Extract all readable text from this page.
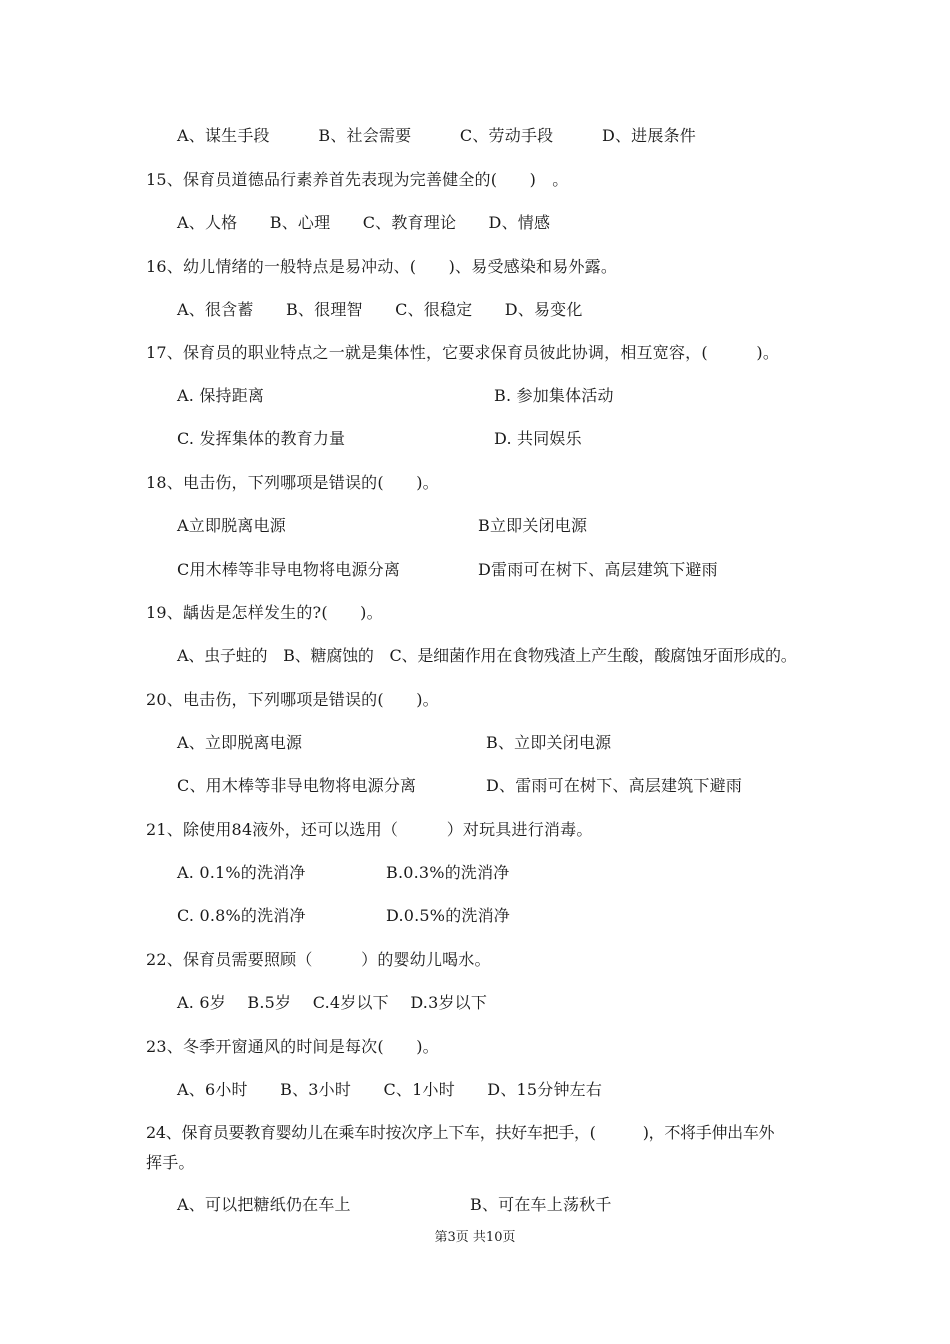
A、谋生手段　　　B、社会需要　　　C、劳动手段　　　D、进展条件
15、保育员道德品行素养首先表现为完善健全的(　　)　。
A、人格　　B、心理　　C、教育理论　　D、情感
16、幼儿情绪的一般特点是易冲动、(　　)、易受感染和易外露。
A、很含蓄　　B、很理智　　C、很稳定　　D、易变化
17、保育员的职业特点之一就是集体性，它要求保育员彼此协调，相互宽容，(　　　)。
A. 保持距离	B. 参加集体活动
C. 发挥集体的教育力量	D. 共同娱乐
18、电击伤，下列哪项是错误的(　　)。
A立即脱离电源	B立即关闭电源
C用木棒等非导电物将电源分离	D雷雨可在树下、高层建筑下避雨
19、龋齿是怎样发生的?(　　)。
A、虫子蛀的　B、糖腐蚀的　C、是细菌作用在食物残渣上产生酸，酸腐蚀牙面形成的。
20、电击伤，下列哪项是错误的(　　)。
A、立即脱离电源	B、立即关闭电源
C、用木棒等非导电物将电源分离	D、雷雨可在树下、高层建筑下避雨
21、除使用84液外，还可以选用（　　　）对玩具进行消毒。
A. 0.1%的洗消净	B.0.3%的洗消净
C. 0.8%的洗消净	D.0.5%的洗消净
22、保育员需要照顾（　　　）的婴幼儿喝水。
A. 6岁　 B.5岁　 C.4岁以下　 D.3岁以下
23、冬季开窗通风的时间是每次(　　)。
A、6小时　　B、3小时　　C、1小时　　D、15分钟左右
24、保育员要教育婴幼儿在乘车时按次序上下车，扶好车把手，(　　　)，不将手伸出车外
挥手。
A、可以把糖纸仍在车上	B、可在车上荡秋千
第3页 共10页
